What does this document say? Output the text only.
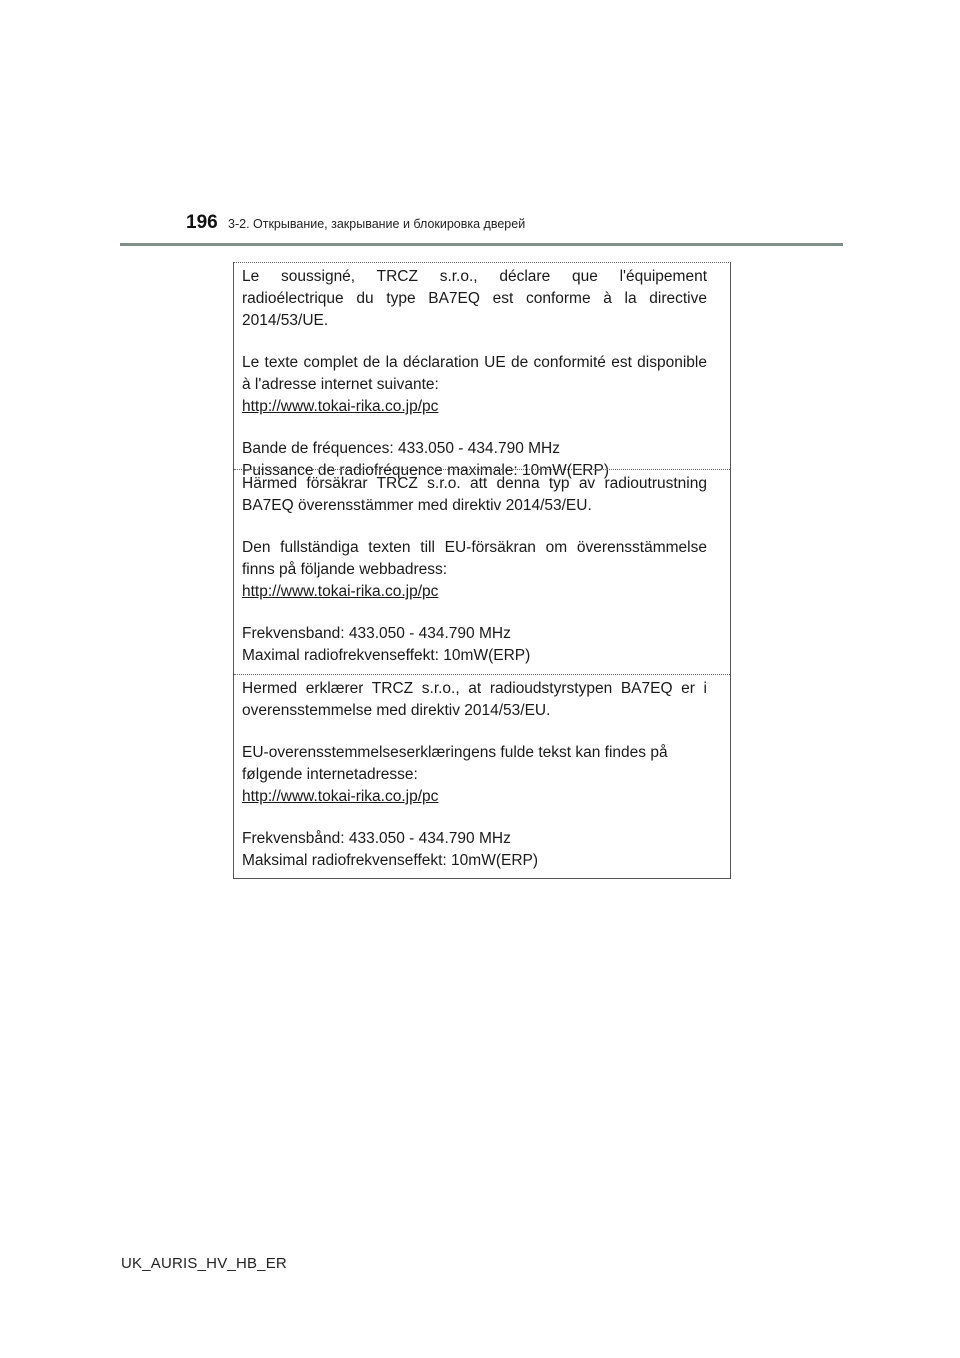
196 3-2. Открывание, закрывание и блокировка дверей
Le soussigné, TRCZ s.r.o., déclare que l'équipement radioélectrique du type BA7EQ est conforme à la directive 2014/53/UE.
Le texte complet de la déclaration UE de conformité est disponible à l'adresse internet suivante:
http://www.tokai-rika.co.jp/pc
Bande de fréquences: 433.050 - 434.790 MHz
Puissance de radiofréquence maximale: 10mW(ERP)
Härmed försäkrar TRCZ s.r.o. att denna typ av radioutrustning BA7EQ överensstämmer med direktiv 2014/53/EU.
Den fullständiga texten till EU-försäkran om överensstämmelse finns på följande webbadress:
http://www.tokai-rika.co.jp/pc
Frekvensband: 433.050 - 434.790 MHz
Maximal radiofrekvenseffekt: 10mW(ERP)
Hermed erklærer TRCZ s.r.o., at radioudstyrstypen BA7EQ er i overensstemmelse med direktiv 2014/53/EU.
EU-overensstemmelseserklæringens fulde tekst kan findes på følgende internetadresse:
http://www.tokai-rika.co.jp/pc
Frekvensbånd: 433.050 - 434.790 MHz
Maksimal radiofrekvenseffekt: 10mW(ERP)
UK_AURIS_HV_HB_ER
